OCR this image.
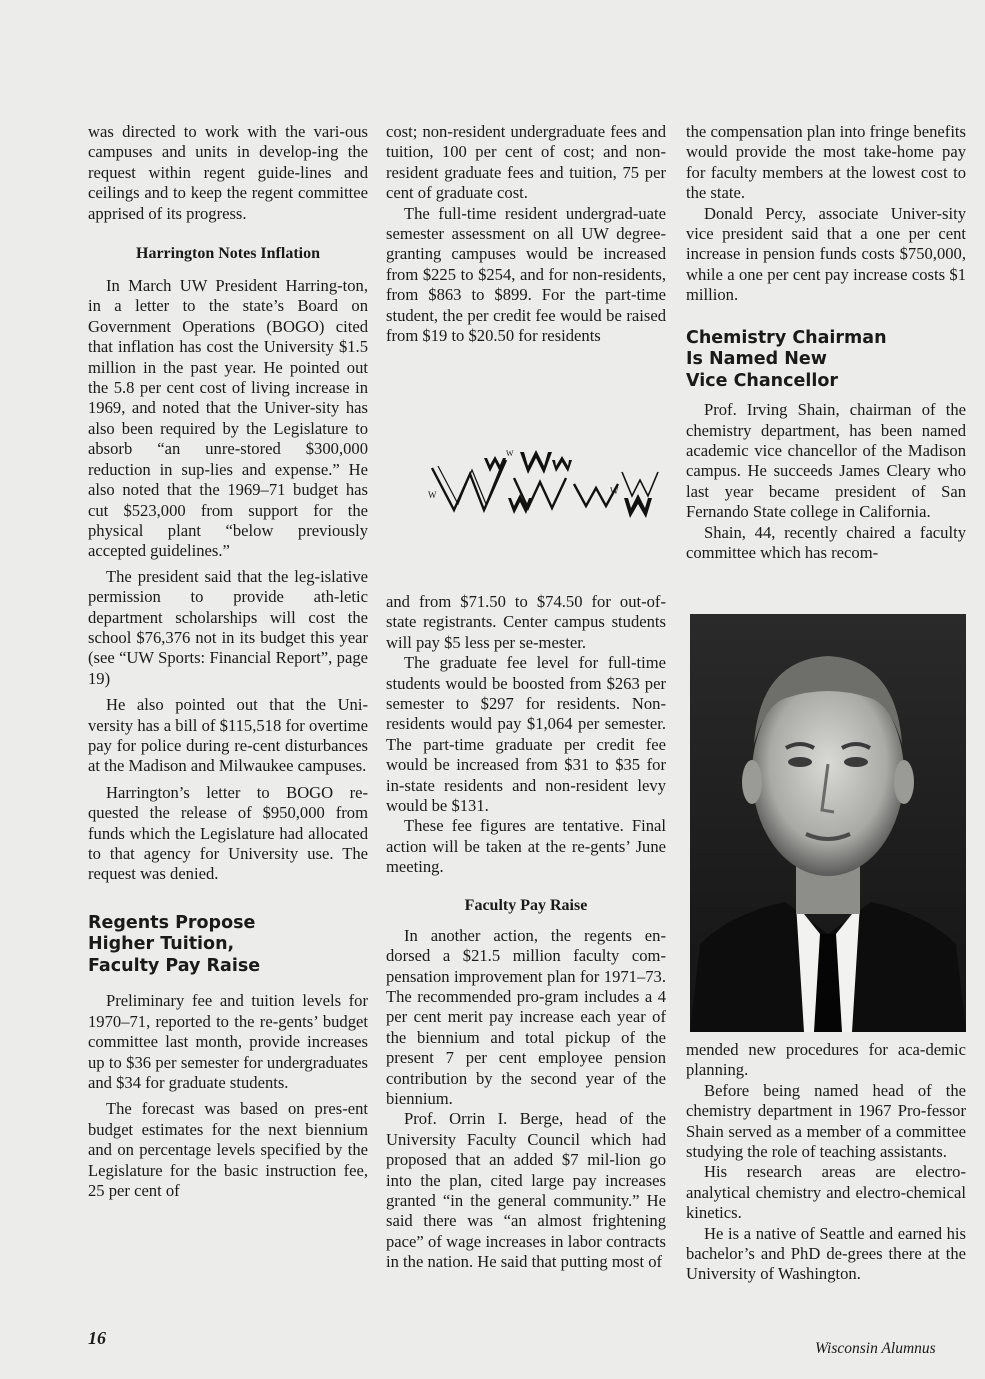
was directed to work with the vari-ous campuses and units in develop-ing the request within regent guide-lines and ceilings and to keep the regent committee apprised of its progress.

Harrington Notes Inflation

In March UW President Harring-ton, in a letter to the state’s Board on Government Operations (BOGO) cited that inflation has cost the University $1.5 million in the past year. He pointed out the 5.8 per cent cost of living increase in 1969, and noted that the Univer-sity has also been required by the Legislature to absorb “an unre-stored $300,000 reduction in sup-lies and expense.” He also noted that the 1969–71 budget has cut $523,000 from support for the physical plant “below previously accepted guidelines.”

The president said that the leg-islative permission to provide ath-letic department scholarships will cost the school $76,376 not in its budget this year (see “UW Sports: Financial Report”, page 19)

He also pointed out that the Uni-versity has a bill of $115,518 for overtime pay for police during re-cent disturbances at the Madison and Milwaukee campuses.

Harrington’s letter to BOGO re-quested the release of $950,000 from funds which the Legislature had allocated to that agency for University use. The request was denied.

Regents Propose
Higher Tuition,
Faculty Pay Raise

Preliminary fee and tuition levels for 1970–71, reported to the re-gents’ budget committee last month, provide increases up to $36 per semester for undergraduates and $34 for graduate students.

The forecast was based on pres-ent budget estimates for the next biennium and on percentage levels specified by the Legislature for the basic instruction fee, 25 per cent of

cost; non-resident undergraduate fees and tuition, 100 per cent of cost; and non-resident graduate fees and tuition, 75 per cent of graduate cost.

The full-time resident undergrad-uate semester assessment on all UW degree-granting campuses would be increased from $225 to $254, and for non-residents, from $863 to $899. For the part-time student, the per credit fee would be raised from $19 to $20.50 for residents

W
W
W

and from $71.50 to $74.50 for out-of-state registrants. Center campus students will pay $5 less per se-mester.

The graduate fee level for full-time students would be boosted from $263 per semester to $297 for residents. Non-residents would pay $1,064 per semester. The part-time graduate per credit fee would be increased from $31 to $35 for in-state residents and non-resident levy would be $131.

These fee figures are tentative. Final action will be taken at the re-gents’ June meeting.

Faculty Pay Raise

In another action, the regents en-dorsed a $21.5 million faculty com-pensation improvement plan for 1971–73. The recommended pro-gram includes a 4 per cent merit pay increase each year of the biennium and total pickup of the present 7 per cent employee pension contribution by the second year of the biennium.

Prof. Orrin I. Berge, head of the University Faculty Council which had proposed that an added $7 mil-lion go into the plan, cited large pay increases granted “in the general community.” He said there was “an almost frightening pace” of wage increases in labor contracts in the nation. He said that putting most of

the compensation plan into fringe benefits would provide the most take-home pay for faculty members at the lowest cost to the state.

Donald Percy, associate Univer-sity vice president said that a one per cent increase in pension funds costs $750,000, while a one per cent pay increase costs $1 million.

Chemistry Chairman
Is Named New
Vice Chancellor

Prof. Irving Shain, chairman of the chemistry department, has been named academic vice chancellor of the Madison campus. He succeeds James Cleary who last year became president of San Fernando State college in California.

Shain, 44, recently chaired a faculty committee which has recom-

mended new procedures for aca-demic planning.

Before being named head of the chemistry department in 1967 Pro-fessor Shain served as a member of a committee studying the role of teaching assistants.

His research areas are electro-analytical chemistry and electro-chemical kinetics.

He is a native of Seattle and earned his bachelor’s and PhD de-grees there at the University of Washington.

16
Wisconsin Alumnus
